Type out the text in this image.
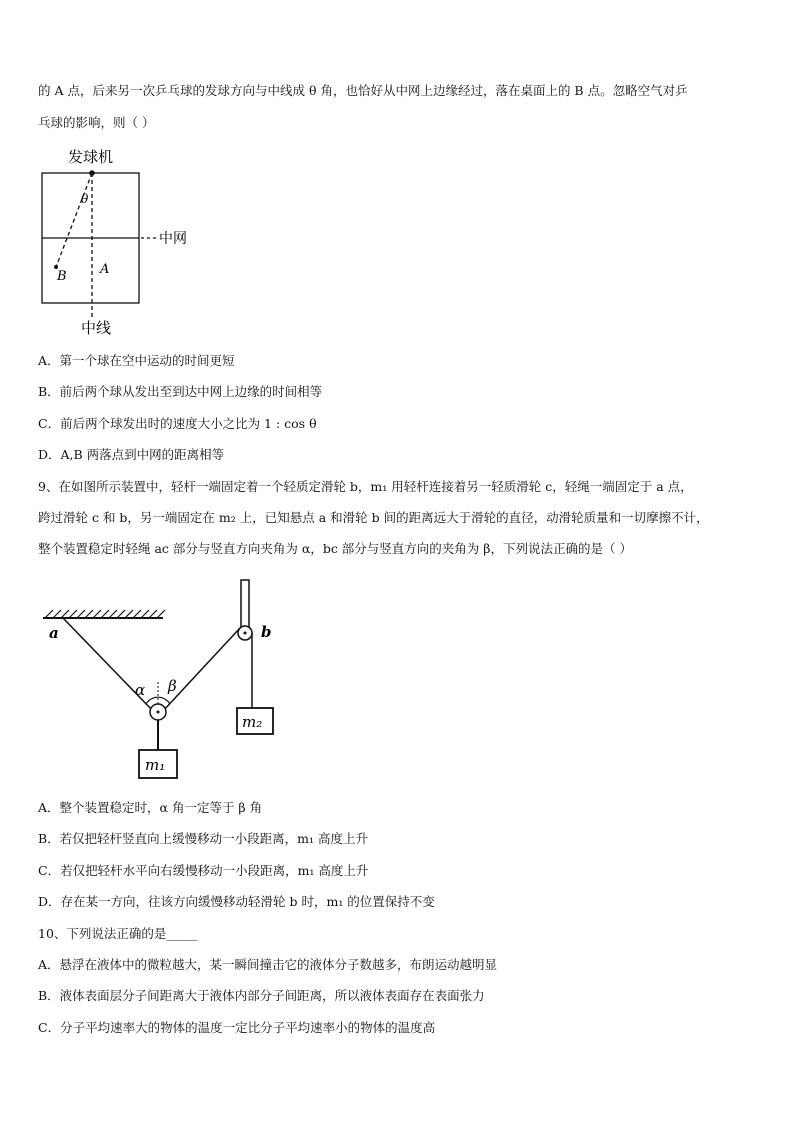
的 A 点，后来另一次乒乓球的发球方向与中线成 θ 角，也恰好从中网上边缘经过，落在桌面上的 B 点。忽略空气对乒
乓球的影响，则（ ）
发球机
中网
θ
A
B
中线
A．第一个球在空中运动的时间更短
B．前后两个球从发出至到达中网上边缘的时间相等
C．前后两个球发出时的速度大小之比为 1 : cos θ
D．A,B 两落点到中网的距离相等
9、在如图所示装置中，轻杆一端固定着一个轻质定滑轮 b，m₁ 用轻杆连接着另一轻质滑轮 c，轻绳一端固定于 a 点，
跨过滑轮 c 和 b，另一端固定在 m₂ 上，已知悬点 a 和滑轮 b 间的距离远大于滑轮的直径，动滑轮质量和一切摩擦不计，
整个装置稳定时轻绳 ac 部分与竖直方向夹角为 α，bc 部分与竖直方向的夹角为 β，下列说法正确的是（ ）
a	b
α β
m₁
m₂
A．整个装置稳定时，α 角一定等于 β 角
B．若仅把轻杆竖直向上缓慢移动一小段距离，m₁ 高度上升
C．若仅把轻杆水平向右缓慢移动一小段距离，m₁ 高度上升
D．存在某一方向，往该方向缓慢移动轻滑轮 b 时，m₁ 的位置保持不变
10、下列说法正确的是_____
A．悬浮在液体中的微粒越大，某一瞬间撞击它的液体分子数越多，布朗运动越明显
B．液体表面层分子间距离大于液体内部分子间距离，所以液体表面存在表面张力
C．分子平均速率大的物体的温度一定比分子平均速率小的物体的温度高
